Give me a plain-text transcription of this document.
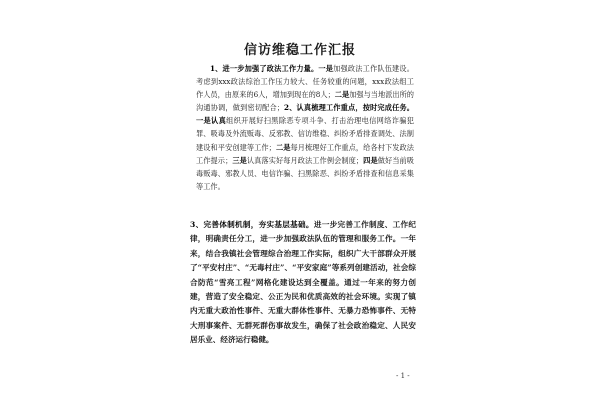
信访维稳工作汇报
1、进一步加强了政法工作力量。一是加强政法工作队伍建设。考虑到xxx政法综治工作压力较大、任务较重的问题，xxx政法组工作人员，由原来的6人，增加到现在的8人；二是加强与当地派出所的沟通协调，做到密切配合；2、认真梳理工作重点，按时完成任务。一是认真组织开展好扫黑除恶专项斗争、打击治理电信网络诈骗犯罪、吸毒及外流贩毒、反邪教、信访维稳、纠纷矛盾排查调处、法制建设和平安创建等工作；二是每月梳理好工作重点，给各村下发政法工作提示；三是认真落实好每月政法工作例会制度；四是做好当前吸毒贩毒、邪教人员、电信诈骗、扫黑除恶、纠纷矛盾排查和信息采集等工作。
3、完善体制机制，夯实基层基础。进一步完善工作制度、工作纪律，明确责任分工，进一步加强政法队伍的管理和服务工作。一年来，结合我镇社会管理综合治理工作实际，组织广大干部群众开展了“平安村庄”、“无毒村庄”、“平安家庭”等系列创建活动，社会综合防范“雪亮工程”网格化建设达到全覆盖。通过一年来的努力创建，营造了安全稳定、公正为民和优质高效的社会环境。实现了镇内无重大政治性事件、无重大群体性事件、无暴力恐怖事件、无特大刑事案件、无群死群伤事故发生，确保了社会政治稳定、人民安居乐业、经济运行稳健。
- 1 -
